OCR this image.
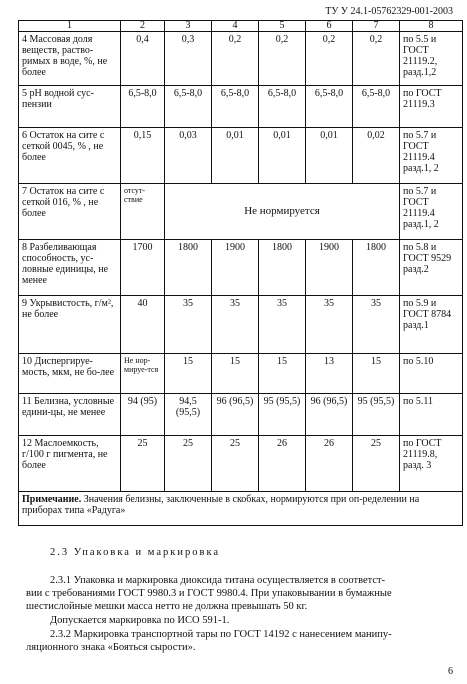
ТУ У 24.1-05762329-001-2003
1	2	3	4	5	6	7	8
4 Массовая доля веществ, раство-римых в воде, %, не более	0,4	0,3	0,2	0,2	0,2	0,2	по 5.5 и ГОСТ 21119.2, разд.1,2
5 рН водной сус-пензии	6,5-8,0	6,5-8,0	6,5-8,0	6,5-8,0	6,5-8,0	6,5-8,0	по ГОСТ 21119.3
6 Остаток на сите с сеткой 0045, % , не более	0,15	0,03	0,01	0,01	0,01	0,02	по 5.7 и ГОСТ 21119.4 разд.1, 2
7 Остаток на сите с сеткой 016, % , не более	отсут-ствие	Не нормируется					по 5.7 и ГОСТ 21119.4 разд.1, 2
8 Разбеливающая способность, ус-ловные единицы, не менее	1700	1800	1900	1800	1900	1800	по 5.8 и ГОСТ 9529 разд.2
9 Укрывистость, г/м², не более	40	35	35	35	35	35	по 5.9 и ГОСТ 8784 разд.1
10 Диспергируе-мость, мкм, не бо-лее	Не нор-мируе-тся	15	15	15	13	15	по 5.10
11 Белизна, условные едини-цы, не менее	94 (95)	94,5 (95,5)	96 (96,5)	95 (95,5)	96 (96,5)	95 (95,5)	по 5.11
12 Маслоемкость, г/100 г пигмента, не более	25	25	25	26	26	25	по ГОСТ 21119.8, разд. 3
Примечание. Значения белизны, заключенные в скобках, нормируются при оп-ределении на приборах типа «Радуга»							
2.3 Упаковка и маркировка
2.3.1 Упаковка и маркировка диоксида титана осуществляется в соответст-
вии с требованиями ГОСТ 9980.3 и ГОСТ 9980.4. При упаковывании в бумажные
шестислойные мешки масса нетто не должна превышать 50 кг.
Допускается маркировка по ИСО 591-1.
2.3.2 Маркировка транспортной тары по ГОСТ 14192 с нанесением манипу-
ляционного знака «Бояться сырости».
6
